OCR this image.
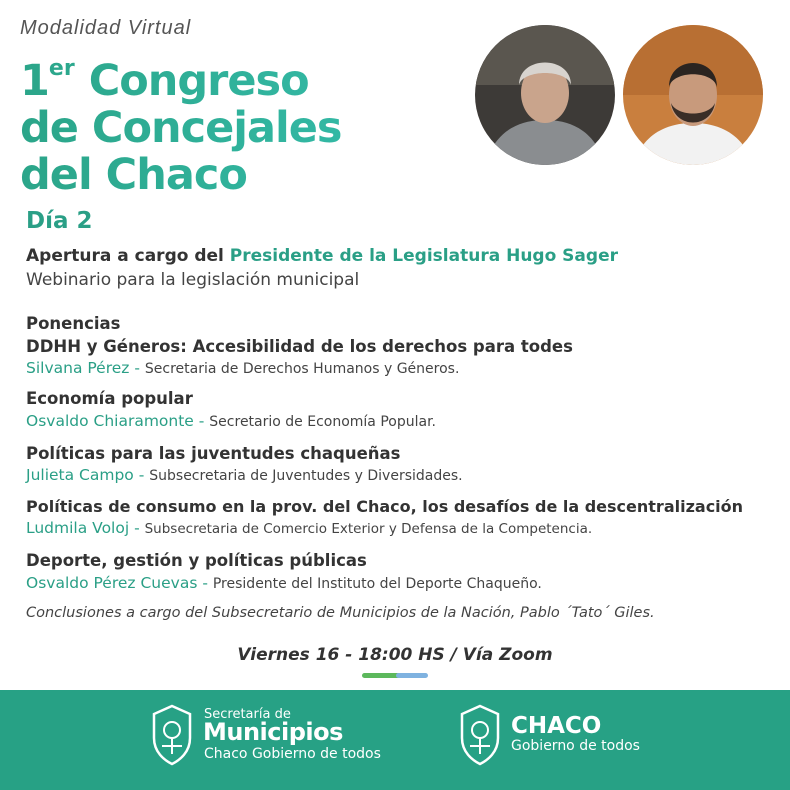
Modalidad Virtual
1er Congreso
de Concejales
del Chaco
Día 2
Apertura a cargo del Presidente de la Legislatura Hugo Sager
Webinario para la legislación municipal
Ponencias
DDHH y Géneros: Accesibilidad de los derechos para todes
Silvana Pérez - Secretaria de Derechos Humanos y Géneros.
Economía popular
Osvaldo Chiaramonte - Secretario de Economía Popular.
Políticas para las juventudes chaqueñas
Julieta Campo - Subsecretaria de Juventudes y Diversidades.
Políticas de consumo en la prov. del Chaco, los desafíos de la descentralización
Ludmila Voloj - Subsecretaria de Comercio Exterior y Defensa de la Competencia.
Deporte, gestión y políticas públicas
Osvaldo Pérez Cuevas - Presidente del Instituto del Deporte Chaqueño.
Conclusiones a cargo del Subsecretario de Municipios de la Nación, Pablo ´Tato´ Giles.
Viernes 16 - 18:00 HS / Vía Zoom
Secretaría de
Municipios
Chaco Gobierno de todos
CHACO
Gobierno de todos
